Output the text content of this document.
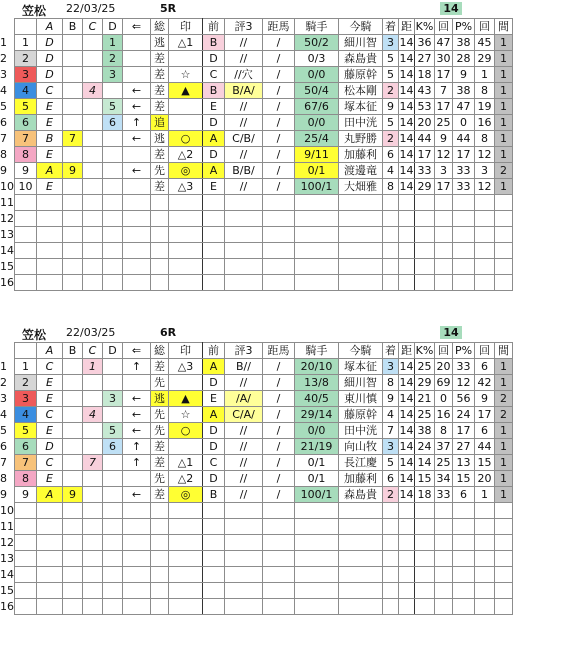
笠松 22/03/25	5R	14
		A	B	C	D	⇐	総	印	前	評3	距馬	騎手	今騎	着	距	K%	回	P%	回	間
1	1	D			1		逃	△1	B	//	/	50/2	細川智	3	14	36	47	38	45	1
2	2	D			2		差		D	//	/	0/3	森島貴	5	14	27	30	28	29	1
3	3	D			3		差	☆	C	//穴	/	0/0	藤原幹	5	14	18	17	9	1	1
4	4	C		4		←	差	▲	B	B/A/	/	50/4	松本剛	2	14	43	7	38	8	1
5	5	E			5	←	差		E	//	/	67/6	塚本征	9	14	53	17	47	19	1
6	6	E			6	↑	追		D	//	/	0/0	田中洸	5	14	20	25	0	16	1
7	7	B	7			←	逃	○	A	C/B/	/	25/4	丸野勝	2	14	44	9	44	8	1
8	8	E					差	△2	D	//	/	9/11	加藤利	6	14	17	12	17	12	1
9	9	A	9			←	先	◎	A	B/B/	/	0/1	渡邊竜	4	14	33	3	33	3	2
10	10	E					差	△3	E	//	/	100/1	大畑雅	8	14	29	17	33	12	1
11																				
12																				
13																				
14																				
15																				
16																				
笠松 22/03/25	6R	14
		A	B	C	D	⇐	総	印	前	評3	距馬	騎手	今騎	着	距	K%	回	P%	回	間
1	1	C		1		↑	差	△3	A	B//	/	20/10	塚本征	3	14	25	20	33	6	1
2	2	E					先		D	//	/	13/8	細川智	8	14	29	69	12	42	1
3	3	E			3	←	逃	▲	E	/A/	/	40/5	東川慎	9	14	21	0	56	9	2
4	4	C		4		←	先	☆	A	C/A/	/	29/14	藤原幹	4	14	25	16	24	17	2
5	5	E			5	←	先	○	D	//	/	0/0	田中洸	7	14	38	8	17	6	1
6	6	D			6	↑	差		D	//	/	21/19	向山牧	3	14	24	37	27	44	1
7	7	C		7		↑	差	△1	C	//	/	0/1	長江慶	5	14	14	25	13	15	1
8	8	E					先	△2	D	//	/	0/1	加藤利	6	14	15	34	15	20	1
9	9	A	9			←	差	◎	B	//	/	100/1	森島貴	2	14	18	33	6	1	1
10																				
11																				
12																				
13																				
14																				
15																				
16																				
